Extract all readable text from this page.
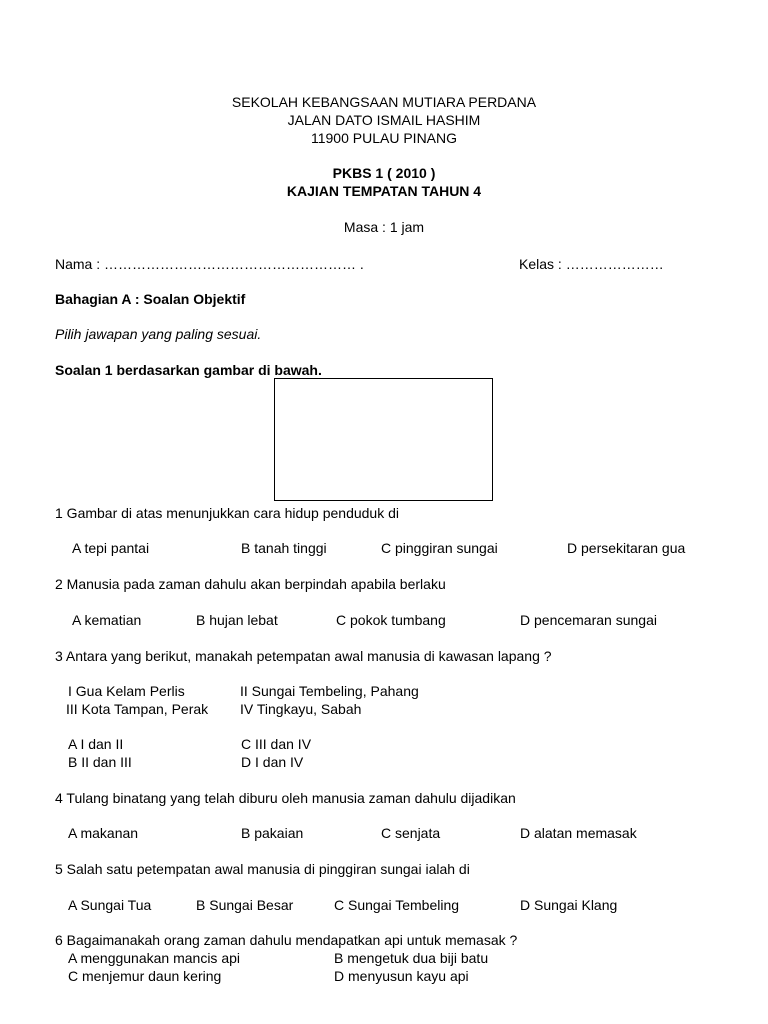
SEKOLAH KEBANGSAAN MUTIARA PERDANA
JALAN DATO ISMAIL HASHIM
11900 PULAU PINANG
PKBS 1 ( 2010 )
KAJIAN TEMPATAN TAHUN 4
Masa : 1 jam
Nama : ……………………………………………… .	Kelas : …………………
Bahagian A : Soalan Objektif
Pilih jawapan yang paling sesuai.
Soalan 1 berdasarkan gambar di bawah.
1 Gambar di atas menunjukkan cara hidup penduduk di
A tepi pantai	B tanah tinggi	C pinggiran sungai	D persekitaran gua
2 Manusia pada zaman dahulu akan berpindah apabila berlaku
A kematian	B hujan lebat	C pokok tumbang	D pencemaran sungai
3 Antara yang berikut, manakah petempatan awal manusia di kawasan lapang ?
I Gua Kelam Perlis	II Sungai Tembeling, Pahang
III Kota Tampan, Perak IV Tingkayu, Sabah
A I dan II	C III dan IV
B II dan III	D I dan IV
4 Tulang binatang yang telah diburu oleh manusia zaman dahulu dijadikan
A makanan	B pakaian	C senjata	D alatan memasak
5 Salah satu petempatan awal manusia di pinggiran sungai ialah di
A Sungai Tua	B Sungai Besar	C Sungai Tembeling	D Sungai Klang
6 Bagaimanakah orang zaman dahulu mendapatkan api untuk memasak ?
A menggunakan mancis api	B mengetuk dua biji batu
C menjemur daun kering	D menyusun kayu api
